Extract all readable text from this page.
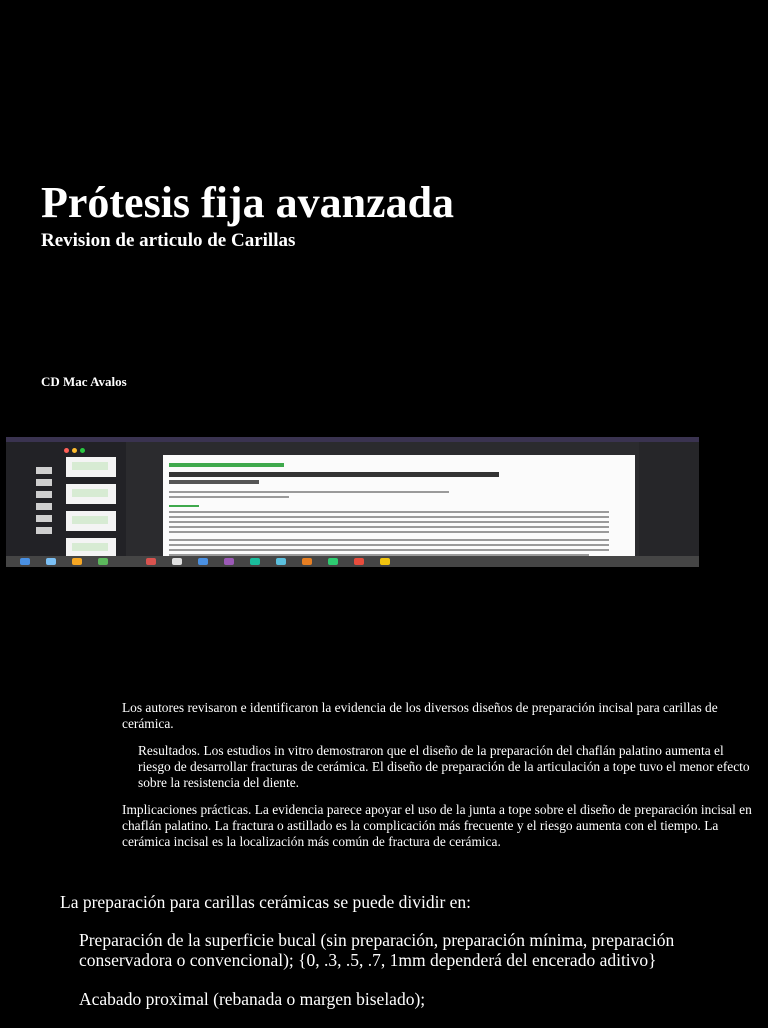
Prótesis fija avanzada
Revision de articulo de Carillas
CD Mac Avalos

Los autores revisaron e identificaron la evidencia de los diversos diseños de preparación incisal para carillas de cerámica.

Resultados. Los estudios in vitro demostraron que el diseño de la preparación del chaflán palatino aumenta el riesgo de desarrollar fracturas de cerámica. El diseño de preparación de la articulación a tope tuvo el menor efecto sobre la resistencia del diente.

Implicaciones prácticas. La evidencia parece apoyar el uso de la junta a tope sobre el diseño de preparación incisal en chaflán palatino. La fractura o astillado es la complicación más frecuente y el riesgo aumenta con el tiempo. La cerámica incisal es la localización más común de fractura de cerámica.

La preparación para carillas cerámicas se puede dividir en:

Preparación de la superficie bucal (sin preparación, preparación mínima, preparación conservadora o convencional); {0, .3, .5, .7, 1mm dependerá del encerado aditivo}

Acabado proximal (rebanada o margen biselado);
